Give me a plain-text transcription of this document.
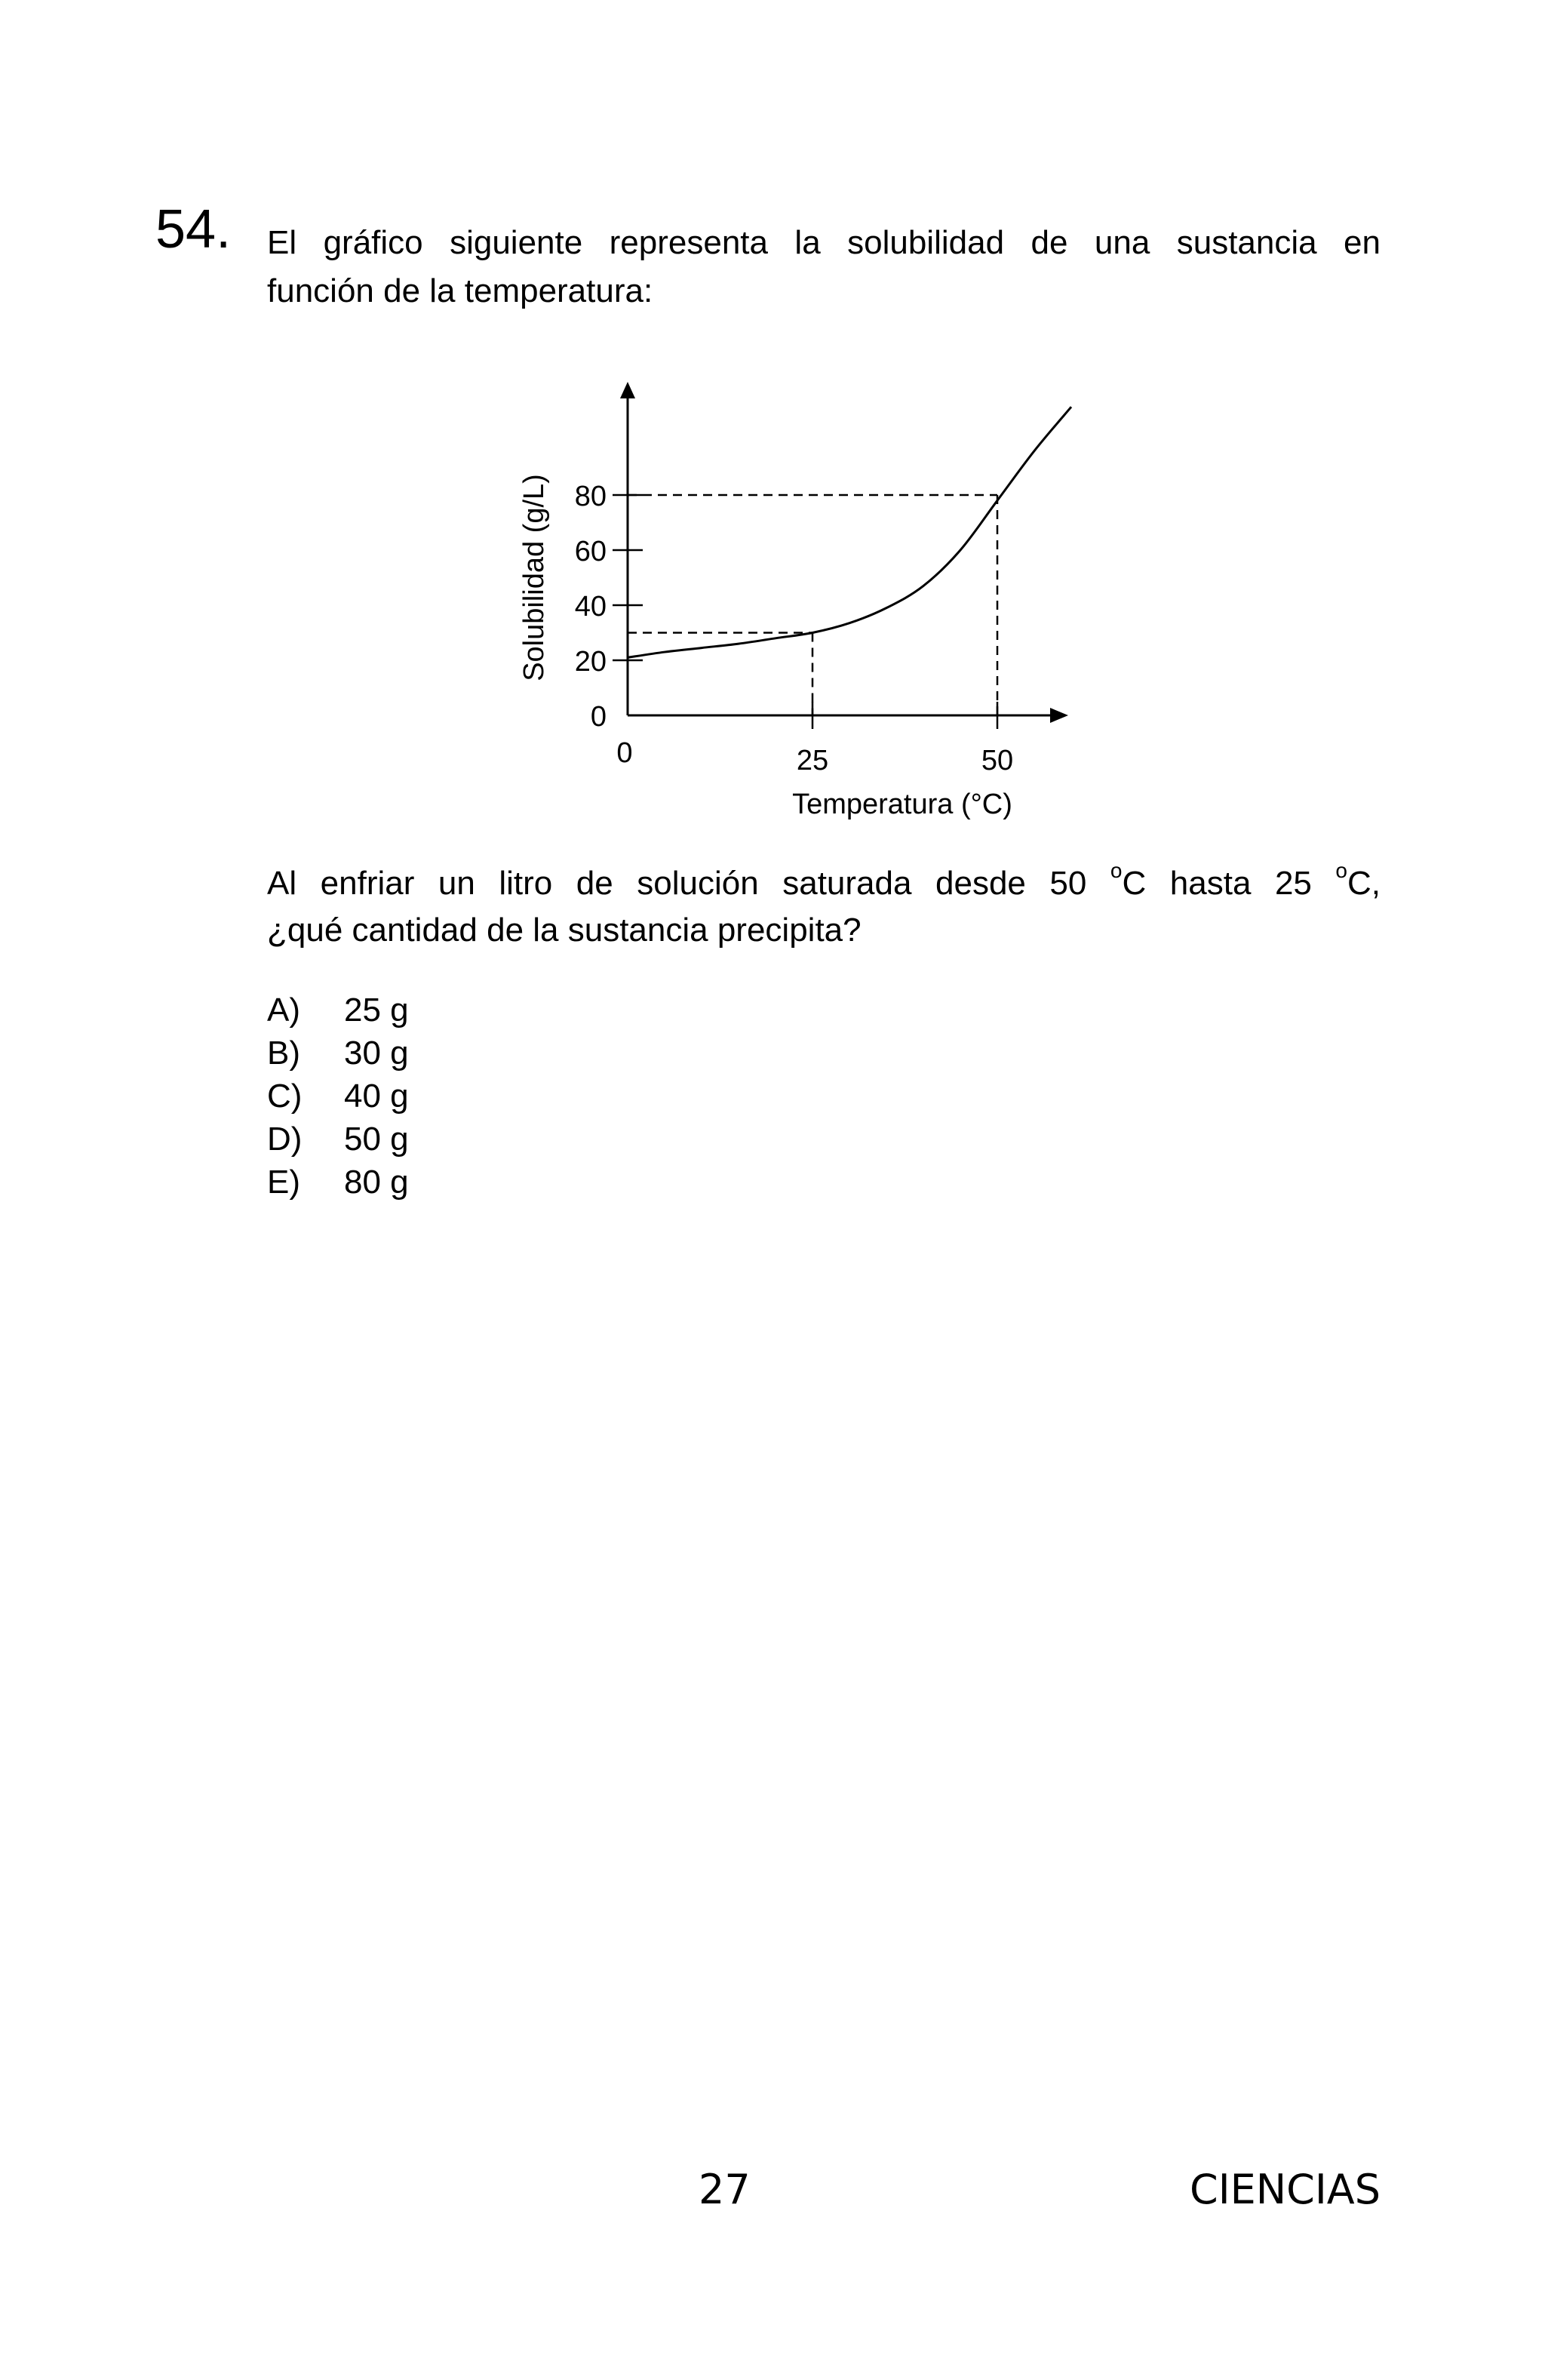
54. El gráfico siguiente representa la solubilidad de una sustancia en
función de la temperatura:
0
20
40
60
80
0	25	50
Solubilidad (g/L)
Temperatura (°C)
Al enfriar un litro de solución saturada desde 50 $^o$C hasta 25 $^o$C,
¿qué cantidad de la sustancia precipita?
A)	25 g
B)	30 g
C)	40 g
D)	50 g
E)	80 g
27	CIENCIAS
